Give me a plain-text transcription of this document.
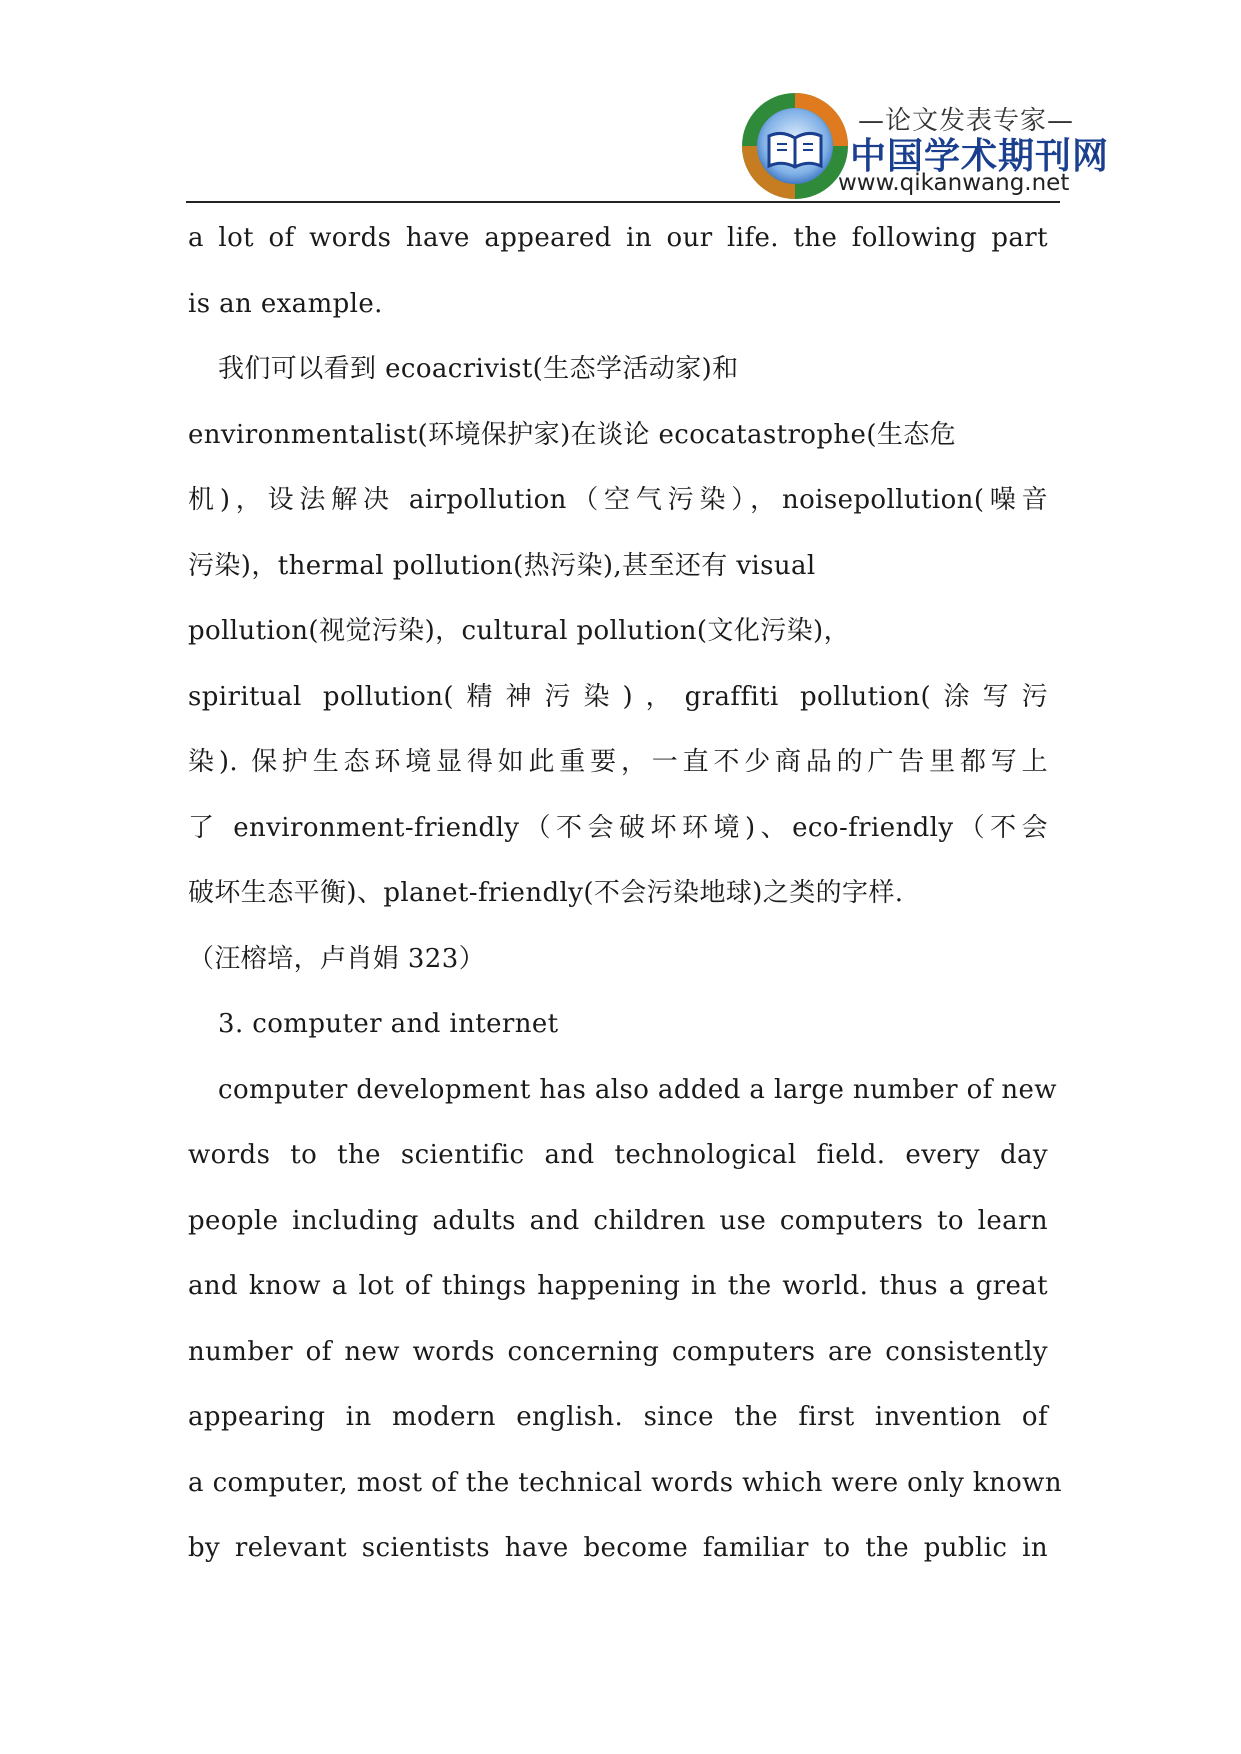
—论文发表专家—
中国学术期刊网
www.qikanwang.net
a lot of words have appeared in our life. the following part
is an example.
我们可以看到 ecoacrivist(生态学活动家)和
environmentalist(环境保护家)在谈论 ecocatastrophe(生态危
机)，设法解决 airpollution（空气污染），noisepollution(噪音
污染)，thermal pollution(热污染),甚至还有 visual
pollution(视觉污染)，cultural pollution(文化污染)，
spiritual pollution(精神污染)，graffiti pollution(涂写污
染). 保护生态环境显得如此重要，一直不少商品的广告里都写上
了 environment-friendly（不会破坏环境)、eco-friendly（不会
破坏生态平衡)、planet-friendly(不会污染地球)之类的字样.
（汪榕培，卢肖娟 323）
3. computer and internet
computer development has also added a large number of new
words to the scientific and technological field. every day
people including adults and children use computers to learn
and know a lot of things happening in the world. thus a great
number of new words concerning computers are consistently
appearing in modern english. since the first invention of
a computer, most of the technical words which were only known
by relevant scientists have become familiar to the public in
